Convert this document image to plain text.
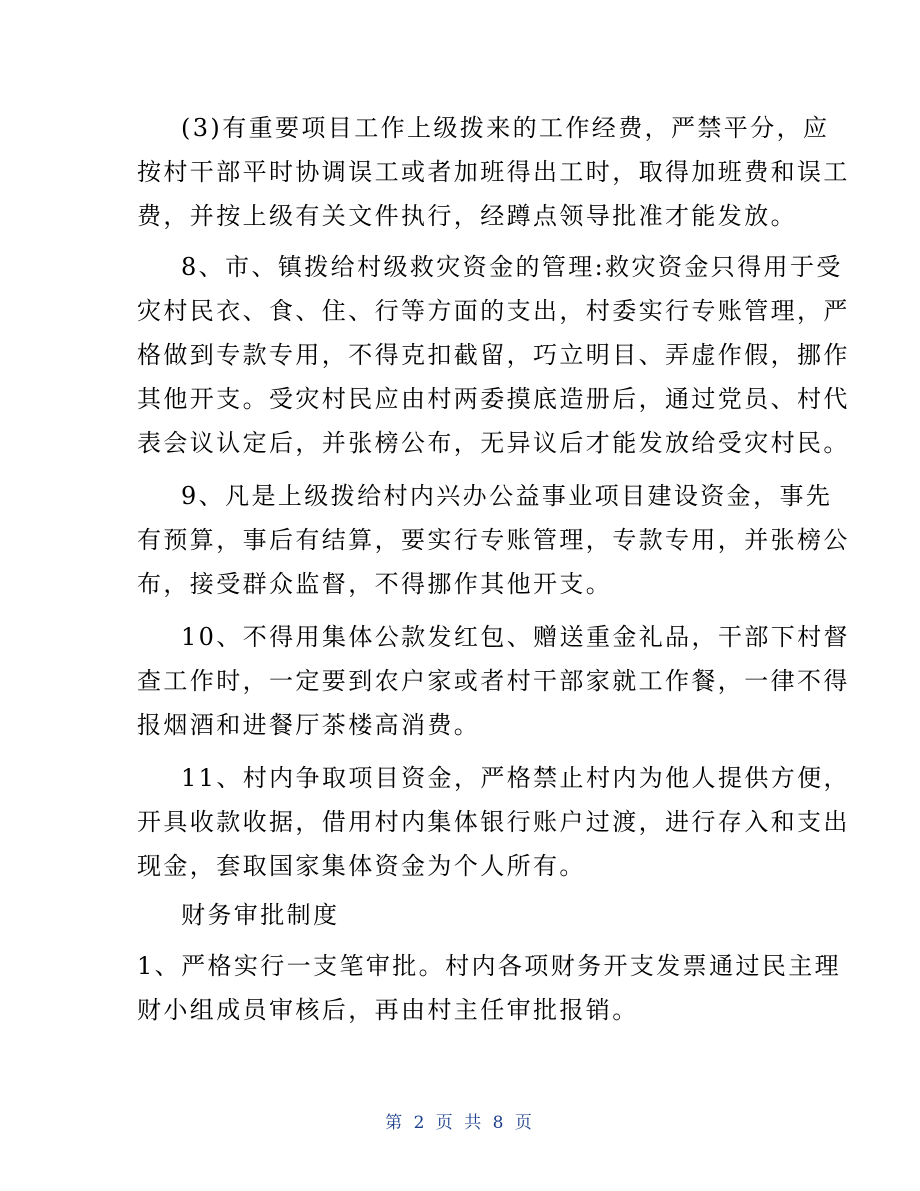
(3)有重要项目工作上级拨来的工作经费，严禁平分，应
按村干部平时协调误工或者加班得出工时，取得加班费和误工
费，并按上级有关文件执行，经蹲点领导批准才能发放。
8、市、镇拨给村级救灾资金的管理:救灾资金只得用于受
灾村民衣、食、住、行等方面的支出，村委实行专账管理，严
格做到专款专用，不得克扣截留，巧立明目、弄虚作假，挪作
其他开支。受灾村民应由村两委摸底造册后，通过党员、村代
表会议认定后，并张榜公布，无异议后才能发放给受灾村民。
9、凡是上级拨给村内兴办公益事业项目建设资金，事先
有预算，事后有结算，要实行专账管理，专款专用，并张榜公
布，接受群众监督，不得挪作其他开支。
10、不得用集体公款发红包、赠送重金礼品，干部下村督
查工作时，一定要到农户家或者村干部家就工作餐，一律不得
报烟酒和进餐厅茶楼高消费。
11、村内争取项目资金，严格禁止村内为他人提供方便，
开具收款收据，借用村内集体银行账户过渡，进行存入和支出
现金，套取国家集体资金为个人所有。
财务审批制度
1、严格实行一支笔审批。村内各项财务开支发票通过民主理
财小组成员审核后，再由村主任审批报销。
第 2 页 共 8 页
